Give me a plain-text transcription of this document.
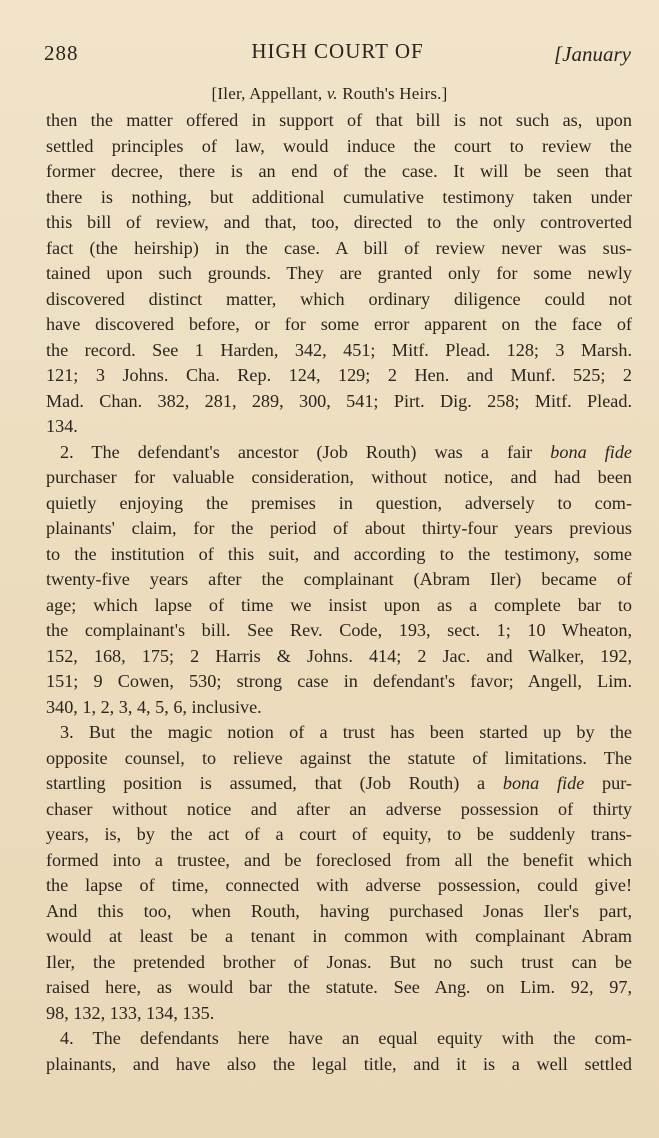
288	HIGH COURT OF	[January
[Iler, Appellant, v. Routh's Heirs.]
then the matter offered in support of that bill is not such as, upon
settled principles of law, would induce the court to review the
former decree, there is an end of the case. It will be seen that
there is nothing, but additional cumulative testimony taken under
this bill of review, and that, too, directed to the only controverted
fact (the heirship) in the case. A bill of review never was sus-
tained upon such grounds. They are granted only for some newly
discovered distinct matter, which ordinary diligence could not
have discovered before, or for some error apparent on the face of
the record. See 1 Harden, 342, 451; Mitf. Plead. 128; 3 Marsh.
121; 3 Johns. Cha. Rep. 124, 129; 2 Hen. and Munf. 525; 2
Mad. Chan. 382, 281, 289, 300, 541; Pirt. Dig. 258; Mitf. Plead.
134.
2. The defendant's ancestor (Job Routh) was a fair bona fide
purchaser for valuable consideration, without notice, and had been
quietly enjoying the premises in question, adversely to com-
plainants' claim, for the period of about thirty-four years previous
to the institution of this suit, and according to the testimony, some
twenty-five years after the complainant (Abram Iler) became of
age; which lapse of time we insist upon as a complete bar to
the complainant's bill. See Rev. Code, 193, sect. 1; 10 Wheaton,
152, 168, 175; 2 Harris & Johns. 414; 2 Jac. and Walker, 192,
151; 9 Cowen, 530; strong case in defendant's favor; Angell, Lim.
340, 1, 2, 3, 4, 5, 6, inclusive.
3. But the magic notion of a trust has been started up by the
opposite counsel, to relieve against the statute of limitations. The
startling position is assumed, that (Job Routh) a bona fide pur-
chaser without notice and after an adverse possession of thirty
years, is, by the act of a court of equity, to be suddenly trans-
formed into a trustee, and be foreclosed from all the benefit which
the lapse of time, connected with adverse possession, could give!
And this too, when Routh, having purchased Jonas Iler's part,
would at least be a tenant in common with complainant Abram
Iler, the pretended brother of Jonas. But no such trust can be
raised here, as would bar the statute. See Ang. on Lim. 92, 97,
98, 132, 133, 134, 135.
4. The defendants here have an equal equity with the com-
plainants, and have also the legal title, and it is a well settled
